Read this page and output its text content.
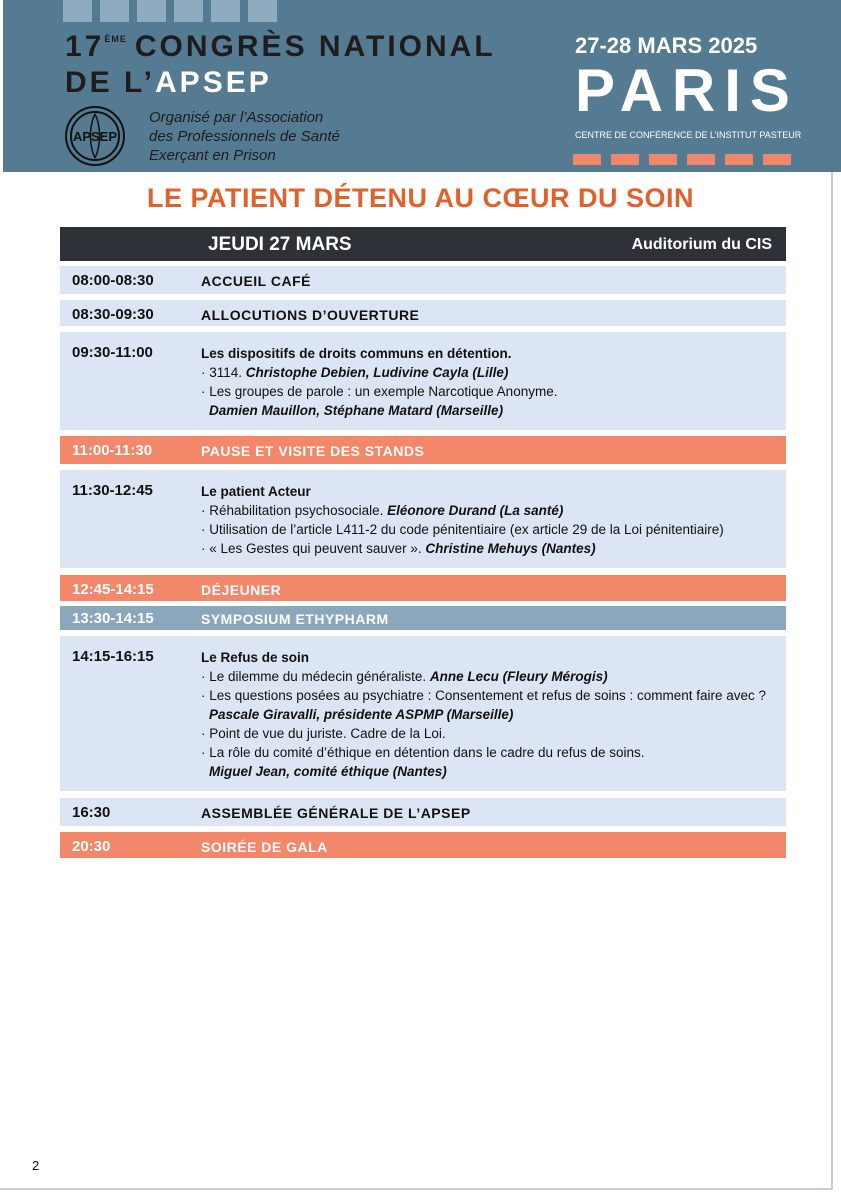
17ÈME CONGRÈS NATIONAL
DE L’APSEP
APSEP
Organisé par l’Association
des Professionnels de Santé
Exerçant en Prison
27-28 MARS 2025
PARIS
CENTRE DE CONFÉRENCE DE L’INSTITUT PASTEUR
LE PATIENT DÉTENU AU CŒUR DU SOIN
JEUDI 27 MARS	Auditorium du CIS
08:00-08:30	ACCUEIL CAFÉ
08:30-09:30	ALLOCUTIONS D’OUVERTURE
09:30-11:00	Les dispositifs de droits communs en détention.
· 3114. Christophe Debien, Ludivine Cayla (Lille)
· Les groupes de parole : un exemple Narcotique Anonyme.
Damien Mauillon, Stéphane Matard (Marseille)
11:00-11:30	PAUSE ET VISITE DES STANDS
11:30-12:45	Le patient Acteur
· Réhabilitation psychosociale. Eléonore Durand (La santé)
· Utilisation de l’article L411-2 du code pénitentiaire (ex article 29 de la Loi pénitentiaire)
· « Les Gestes qui peuvent sauver ». Christine Mehuys (Nantes)
12:45-14:15	DÉJEUNER
13:30-14:15	SYMPOSIUM ETHYPHARM
14:15-16:15	Le Refus de soin
· Le dilemme du médecin généraliste. Anne Lecu (Fleury Mérogis)
· Les questions posées au psychiatre : Consentement et refus de soins : comment faire avec ?
Pascale Giravalli, présidente ASPMP (Marseille)
· Point de vue du juriste. Cadre de la Loi.
· La rôle du comité d’éthique en détention dans le cadre du refus de soins.
Miguel Jean, comité éthique (Nantes)
16:30	ASSEMBLÉE GÉNÉRALE DE L’APSEP
20:30	SOIRÉE DE GALA
2
